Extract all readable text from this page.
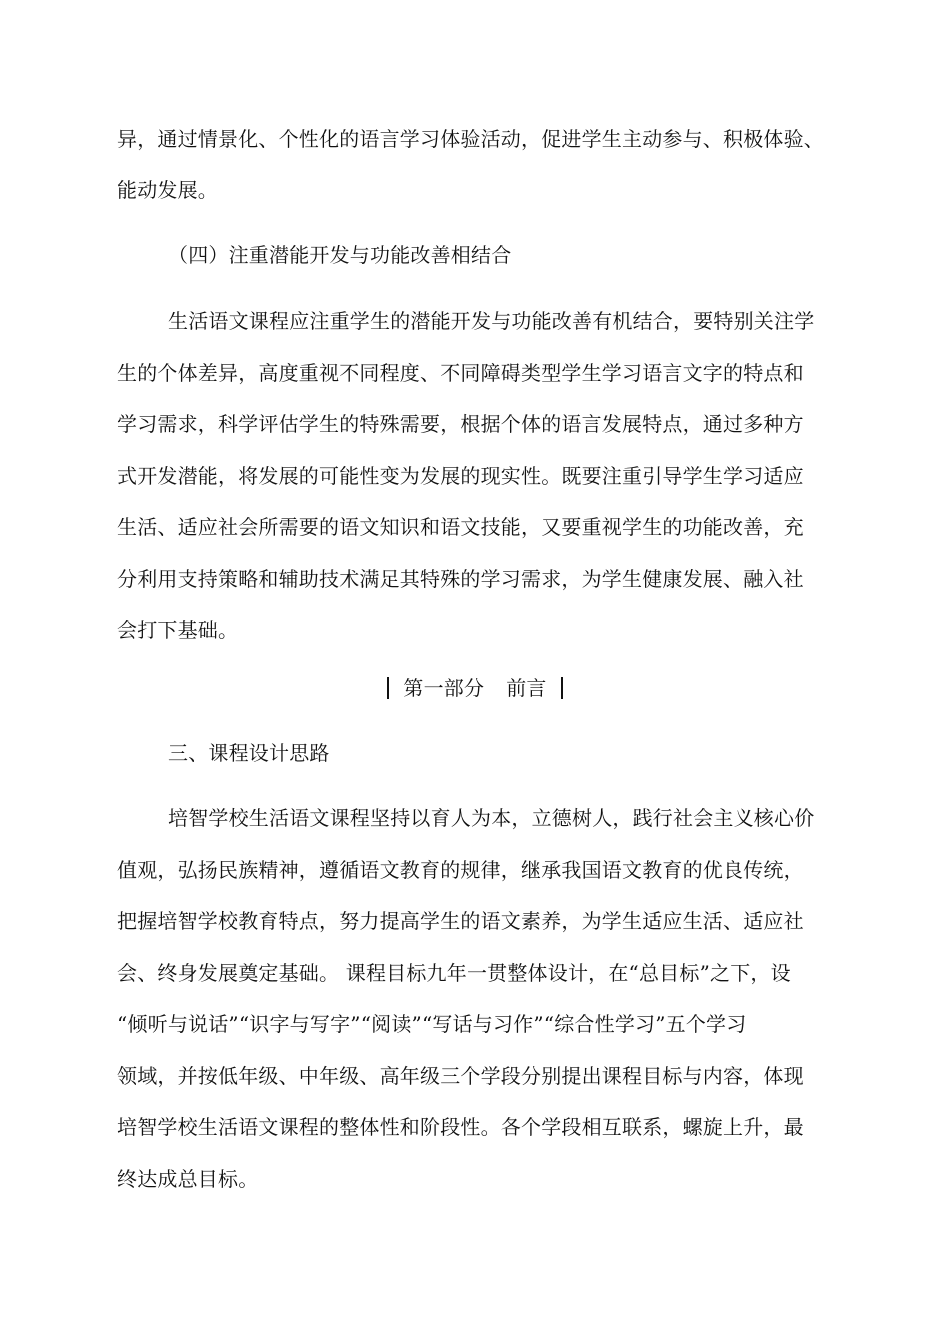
异，通过情景化、个性化的语言学习体验活动，促进学生主动参与、积极体验、
能动发展。
（四）注重潜能开发与功能改善相结合
生活语文课程应注重学生的潜能开发与功能改善有机结合，要特别关注学
生的个体差异，高度重视不同程度、不同障碍类型学生学习语言文字的特点和
学习需求，科学评估学生的特殊需要，根据个体的语言发展特点，通过多种方
式开发潜能，将发展的可能性变为发展的现实性。既要注重引导学生学习适应
生活、适应社会所需要的语文知识和语文技能，又要重视学生的功能改善，充
分利用支持策略和辅助技术满足其特殊的学习需求，为学生健康发展、融入社
会打下基础。
第一部分 前言
三、课程设计思路
培智学校生活语文课程坚持以育人为本，立德树人，践行社会主义核心价
值观，弘扬民族精神，遵循语文教育的规律，继承我国语文教育的优良传统，
把握培智学校教育特点，努力提高学生的语文素养，为学生适应生活、适应社
会、终身发展奠定基础。 课程目标九年一贯整体设计，在“总目标”之下，设
“倾听与说话”“识字与写字”“阅读”“写话与习作”“综合性学习”五个学习
领域，并按低年级、中年级、高年级三个学段分别提出课程目标与内容，体现
培智学校生活语文课程的整体性和阶段性。各个学段相互联系，螺旋上升，最
终达成总目标。
